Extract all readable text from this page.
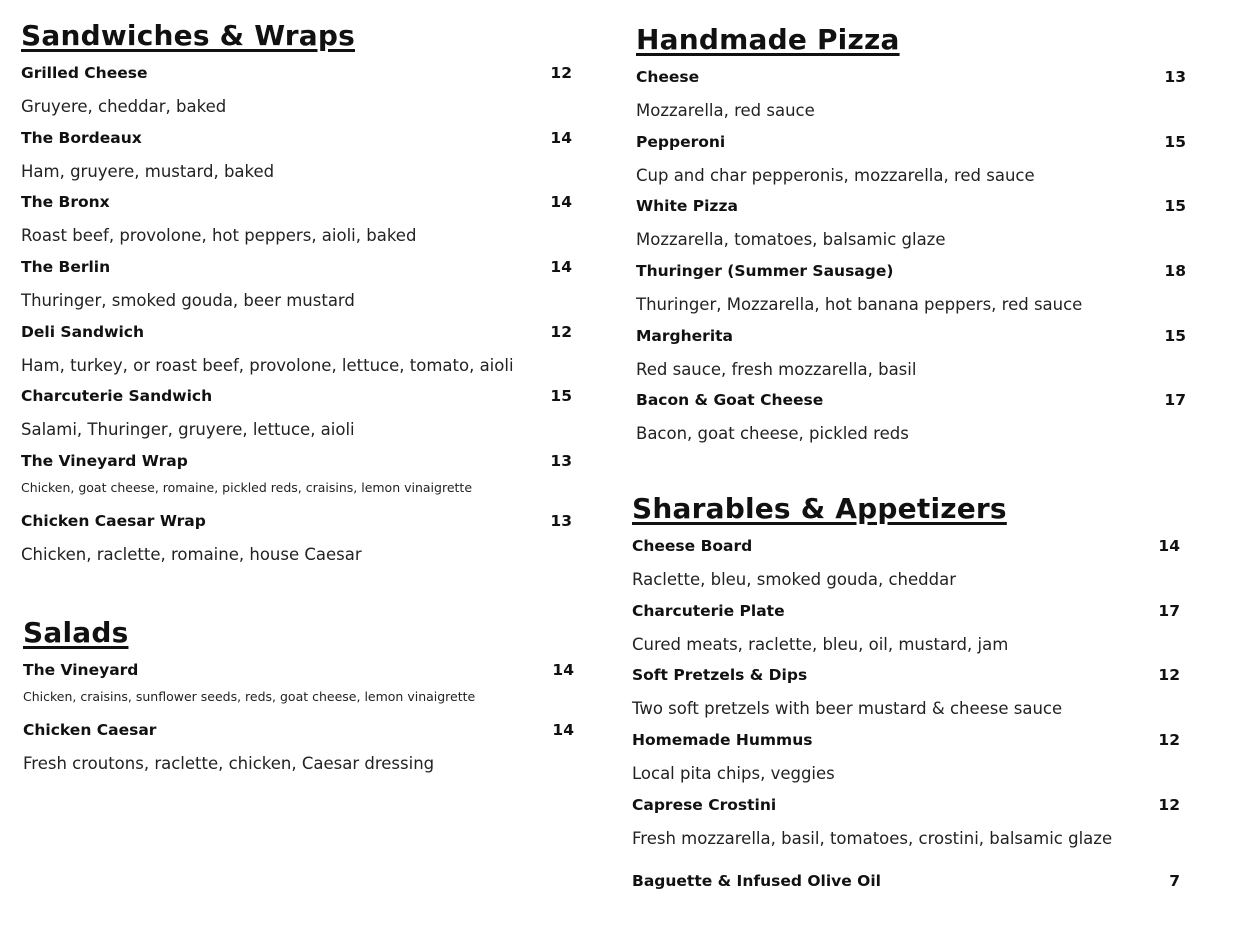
Sandwiches & Wraps
Grilled Cheese	12
Gruyere, cheddar, baked
The Bordeaux	14
Ham, gruyere, mustard, baked
The Bronx	14
Roast beef, provolone, hot peppers, aioli, baked
The Berlin	14
Thuringer, smoked gouda, beer mustard
Deli Sandwich	12
Ham, turkey, or roast beef, provolone, lettuce, tomato, aioli
Charcuterie Sandwich	15
Salami, Thuringer, gruyere, lettuce, aioli
The Vineyard Wrap	13
Chicken, goat cheese, romaine, pickled reds, craisins, lemon vinaigrette
Chicken Caesar Wrap	13
Chicken, raclette, romaine, house Caesar
Salads
The Vineyard	14
Chicken, craisins, sunflower seeds, reds, goat cheese, lemon vinaigrette
Chicken Caesar	14
Fresh croutons, raclette, chicken, Caesar dressing
Handmade Pizza
Cheese	13
Mozzarella, red sauce
Pepperoni	15
Cup and char pepperonis, mozzarella, red sauce
White Pizza	15
Mozzarella, tomatoes, balsamic glaze
Thuringer (Summer Sausage)	18
Thuringer, Mozzarella, hot banana peppers, red sauce
Margherita	15
Red sauce, fresh mozzarella, basil
Bacon & Goat Cheese	17
Bacon, goat cheese, pickled reds
Sharables & Appetizers
Cheese Board	14
Raclette, bleu, smoked gouda, cheddar
Charcuterie Plate	17
Cured meats, raclette, bleu, oil, mustard, jam
Soft Pretzels & Dips	12
Two soft pretzels with beer mustard & cheese sauce
Homemade Hummus	12
Local pita chips, veggies
Caprese Crostini	12
Fresh mozzarella, basil, tomatoes, crostini, balsamic glaze
Baguette & Infused Olive Oil	7
